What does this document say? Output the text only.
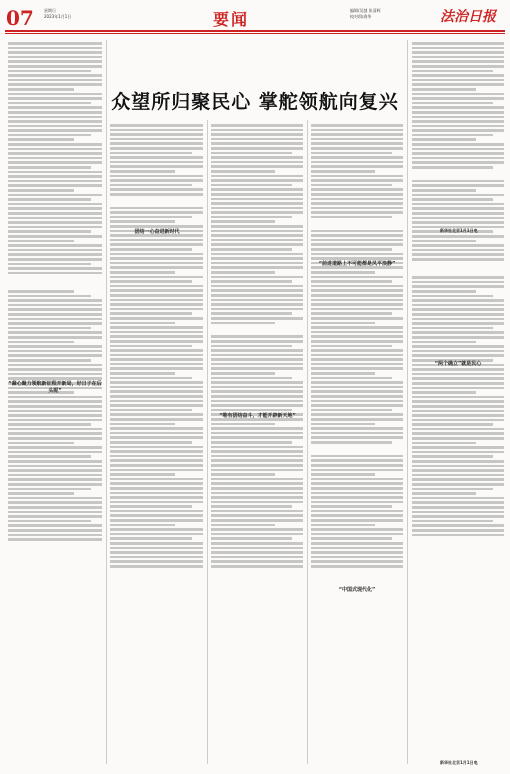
07	星期日
2023年1月1日	要闻	编辑/吴越 张清辉
校对/陈海华	法治日报
众望所归聚民心 掌舵领航向复兴
“凝心聚力领航新征程开新局，好日子在后头呢”
团结一心奋进新时代
“唯有团结奋斗，才能开辟新天地”
“前进道路上不可能都是风平浪静”
“两个确立”就是民心
“中国式现代化”
新华社北京1月1日电
新华社北京1月1日电
